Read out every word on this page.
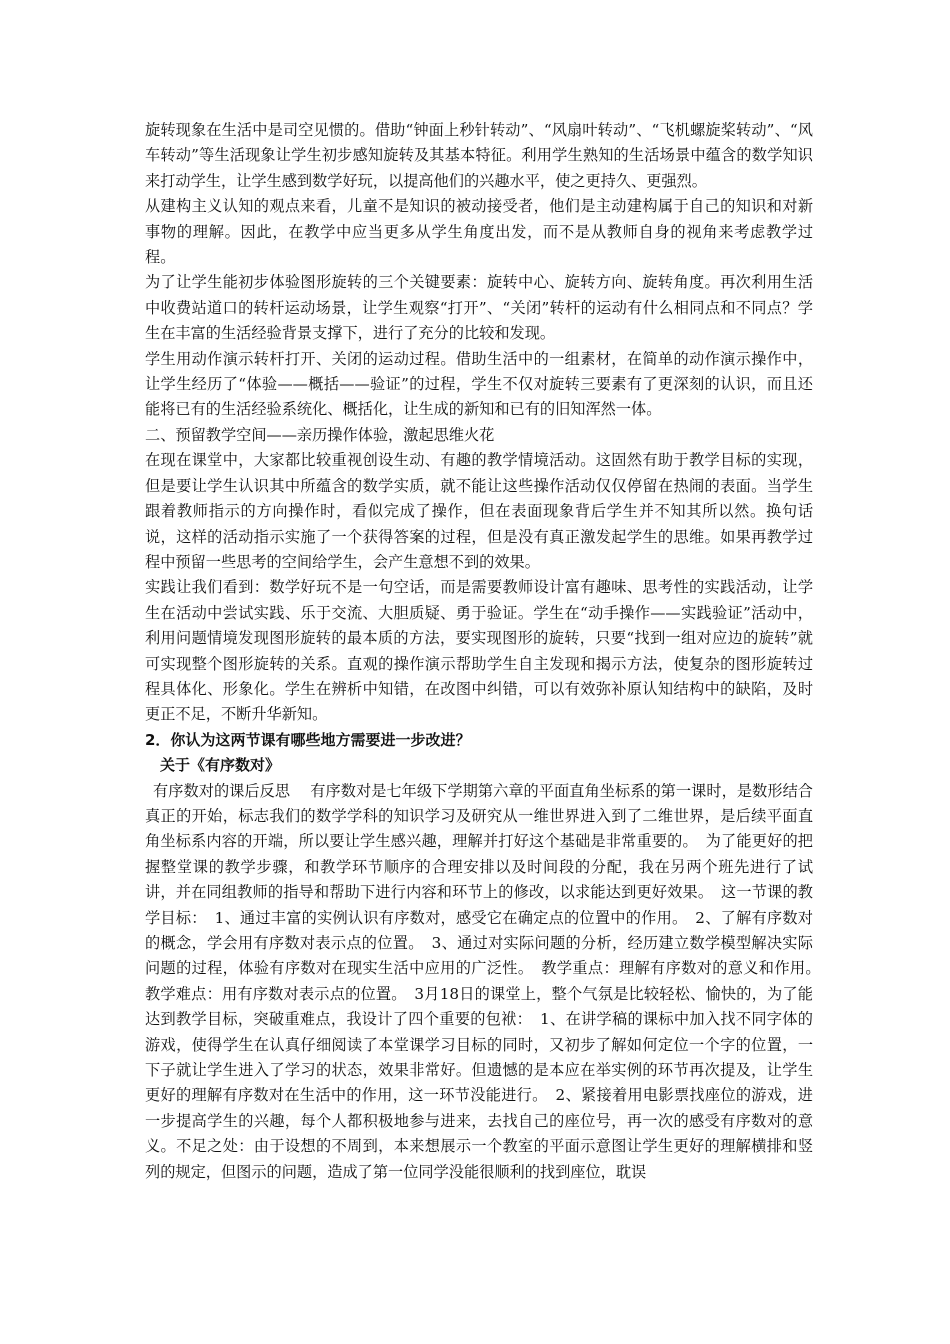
旋转现象在生活中是司空见惯的。借助“钟面上秒针转动”、“风扇叶转动”、“飞机螺旋桨转动”、“风车转动”等生活现象让学生初步感知旋转及其基本特征。利用学生熟知的生活场景中蕴含的数学知识来打动学生，让学生感到数学好玩，以提高他们的兴趣水平，使之更持久、更强烈。

从建构主义认知的观点来看，儿童不是知识的被动接受者，他们是主动建构属于自己的知识和对新事物的理解。因此，在教学中应当更多从学生角度出发，而不是从教师自身的视角来考虑教学过程。

为了让学生能初步体验图形旋转的三个关键要素：旋转中心、旋转方向、旋转角度。再次利用生活中收费站道口的转杆运动场景，让学生观察“打开”、“关闭”转杆的运动有什么相同点和不同点？学生在丰富的生活经验背景支撑下，进行了充分的比较和发现。

学生用动作演示转杆打开、关闭的运动过程。借助生活中的一组素材，在简单的动作演示操作中，让学生经历了“体验——概括——验证”的过程，学生不仅对旋转三要素有了更深刻的认识，而且还能将已有的生活经验系统化、概括化，让生成的新知和已有的旧知浑然一体。

二、预留教学空间——亲历操作体验，激起思维火花

在现在课堂中，大家都比较重视创设生动、有趣的教学情境活动。这固然有助于教学目标的实现，但是要让学生认识其中所蕴含的数学实质，就不能让这些操作活动仅仅停留在热闹的表面。当学生跟着教师指示的方向操作时，看似完成了操作，但在表面现象背后学生并不知其所以然。换句话说，这样的活动指示实施了一个获得答案的过程，但是没有真正激发起学生的思维。如果再教学过程中预留一些思考的空间给学生，会产生意想不到的效果。

实践让我们看到：数学好玩不是一句空话，而是需要教师设计富有趣味、思考性的实践活动，让学生在活动中尝试实践、乐于交流、大胆质疑、勇于验证。学生在“动手操作——实践验证”活动中，利用问题情境发现图形旋转的最本质的方法，要实现图形的旋转，只要“找到一组对应边的旋转”就可实现整个图形旋转的关系。直观的操作演示帮助学生自主发现和揭示方法，使复杂的图形旋转过程具体化、形象化。学生在辨析中知错，在改图中纠错，可以有效弥补原认知结构中的缺陷，及时更正不足，不断升华新知。

2．你认为这两节课有哪些地方需要进一步改进？

关于《有序数对》

有序数对的课后反思　 有序数对是七年级下学期第六章的平面直角坐标系的第一课时，是数形结合真正的开始，标志我们的数学学科的知识学习及研究从一维世界进入到了二维世界，是后续平面直角坐标系内容的开端，所以要让学生感兴趣，理解并打好这个基础是非常重要的。　为了能更好的把握整堂课的教学步骤，和教学环节顺序的合理安排以及时间段的分配，我在另两个班先进行了试讲，并在同组教师的指导和帮助下进行内容和环节上的修改，以求能达到更好效果。　这一节课的教学目标：　1、通过丰富的实例认识有序数对，感受它在确定点的位置中的作用。　2、了解有序数对的概念，学会用有序数对表示点的位置。　3、通过对实际问题的分析，经历建立数学模型解决实际问题的过程，体验有序数对在现实生活中应用的广泛性。　教学重点：理解有序数对的意义和作用。　教学难点：用有序数对表示点的位置。　3月18日的课堂上，整个气氛是比较轻松、愉快的，为了能达到教学目标，突破重难点，我设计了四个重要的包袱：　1、在讲学稿的课标中加入找不同字体的游戏，使得学生在认真仔细阅读了本堂课学习目标的同时，又初步了解如何定位一个字的位置，一下子就让学生进入了学习的状态，效果非常好。但遗憾的是本应在举实例的环节再次提及，让学生更好的理解有序数对在生活中的作用，这一环节没能进行。　2、紧接着用电影票找座位的游戏，进一步提高学生的兴趣，每个人都积极地参与进来，去找自己的座位号，再一次的感受有序数对的意义。不足之处：由于设想的不周到，本来想展示一个教室的平面示意图让学生更好的理解横排和竖列的规定，但图示的问题，造成了第一位同学没能很顺利的找到座位，耽误
